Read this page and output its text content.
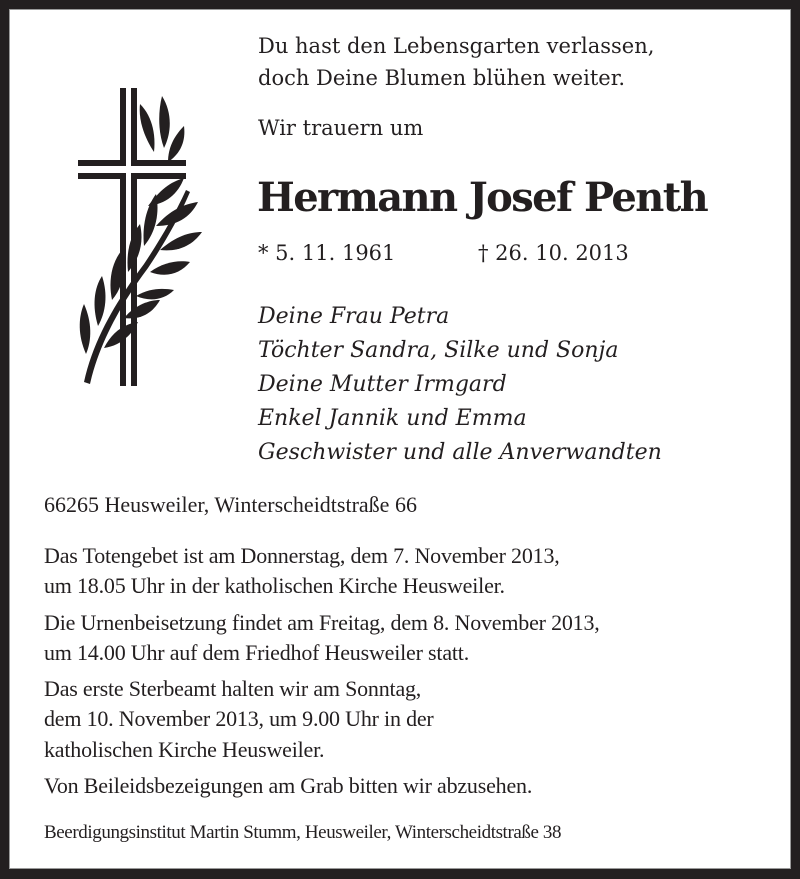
Du hast den Lebensgarten verlassen,
doch Deine Blumen blühen weiter.
Wir trauern um
Hermann Josef Penth
* 5. 11. 1961	† 26. 10. 2013
Deine Frau Petra
Töchter Sandra, Silke und Sonja
Deine Mutter Irmgard
Enkel Jannik und Emma
Geschwister und alle Anverwandten
66265 Heusweiler, Winterscheidtstraße 66

Das Totengebet ist am Donnerstag, dem 7. November 2013,
um 18.05 Uhr in der katholischen Kirche Heusweiler.

Die Urnenbeisetzung findet am Freitag, dem 8. November 2013,
um 14.00 Uhr auf dem Friedhof Heusweiler statt.

Das erste Sterbeamt halten wir am Sonntag,
dem 10. November 2013, um 9.00 Uhr in der
katholischen Kirche Heusweiler.

Von Beileidsbezeigungen am Grab bitten wir abzusehen.

Beerdigungsinstitut Martin Stumm, Heusweiler, Winterscheidtstraße 38
